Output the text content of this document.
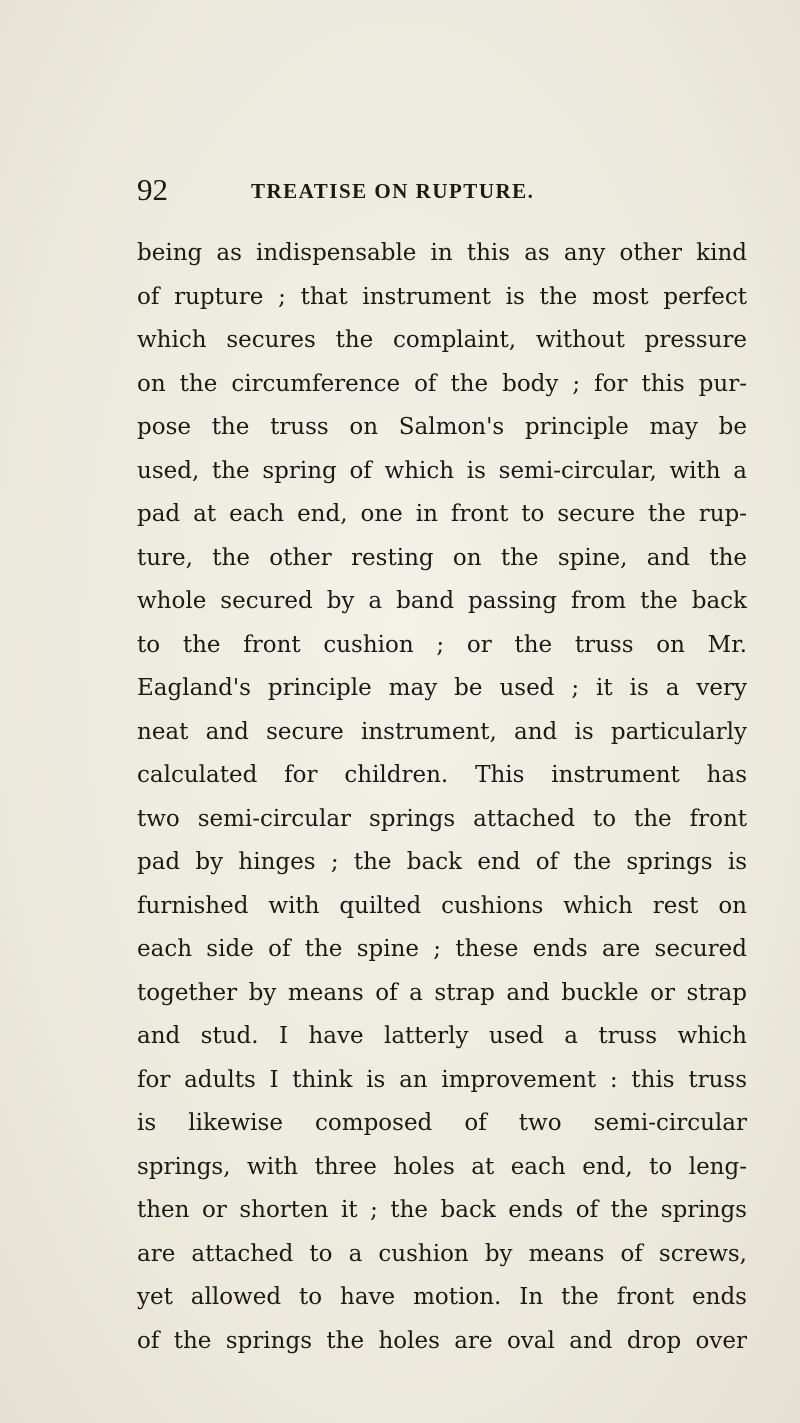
92	TREATISE ON RUPTURE.
being as indispensable in this as any other kind
of rupture ; that instrument is the most perfect
which secures the complaint, without pressure
on the circumference of the body ; for this pur-
pose the truss on Salmon's principle may be
used, the spring of which is semi-circular, with a
pad at each end, one in front to secure the rup-
ture, the other resting on the spine, and the
whole secured by a band passing from the back
to the front cushion ; or the truss on Mr.
Eagland's principle may be used ; it is a very
neat and secure instrument, and is particularly
calculated for children. This instrument has
two semi-circular springs attached to the front
pad by hinges ; the back end of the springs is
furnished with quilted cushions which rest on
each side of the spine ; these ends are secured
together by means of a strap and buckle or strap
and stud. I have latterly used a truss which
for adults I think is an improvement : this truss
is likewise composed of two semi-circular
springs, with three holes at each end, to leng-
then or shorten it ; the back ends of the springs
are attached to a cushion by means of screws,
yet allowed to have motion. In the front ends
of the springs the holes are oval and drop over
